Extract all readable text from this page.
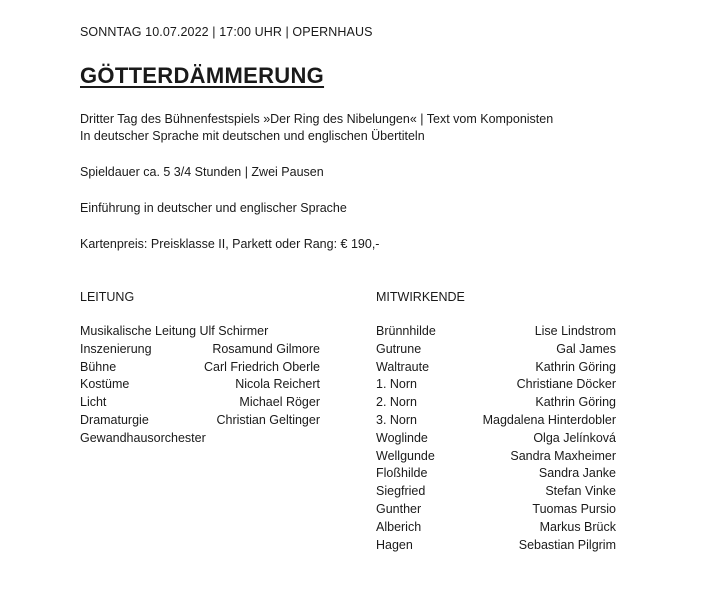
SONNTAG 10.07.2022 | 17:00 UHR | OPERNHAUS
GÖTTERDÄMMERUNG
Dritter Tag des Bühnenfestspiels »Der Ring des Nibelungen« | Text vom Komponisten
In deutscher Sprache mit deutschen und englischen Übertiteln
Spieldauer ca. 5 3/4 Stunden | Zwei Pausen
Einführung in deutscher und englischer Sprache
Kartenpreis: Preisklasse II, Parkett oder Rang: € 190,-
LEITUNG
Musikalische Leitung Ulf Schirmer
Inszenierung	Rosamund Gilmore
Bühne	Carl Friedrich Oberle
Kostüme	Nicola Reichert
Licht	Michael Röger
Dramaturgie	Christian Geltinger
Gewandhausorchester
MITWIRKENDE
Brünnhilde	Lise Lindstrom
Gutrune	Gal James
Waltraute	Kathrin Göring
1. Norn	Christiane Döcker
2. Norn	Kathrin Göring
3. Norn	Magdalena Hinterdobler
Woglinde	Olga Jelínková
Wellgunde	Sandra Maxheimer
Floßhilde	Sandra Janke
Siegfried	Stefan Vinke
Gunther	Tuomas Pursio
Alberich	Markus Brück
Hagen	Sebastian Pilgrim
